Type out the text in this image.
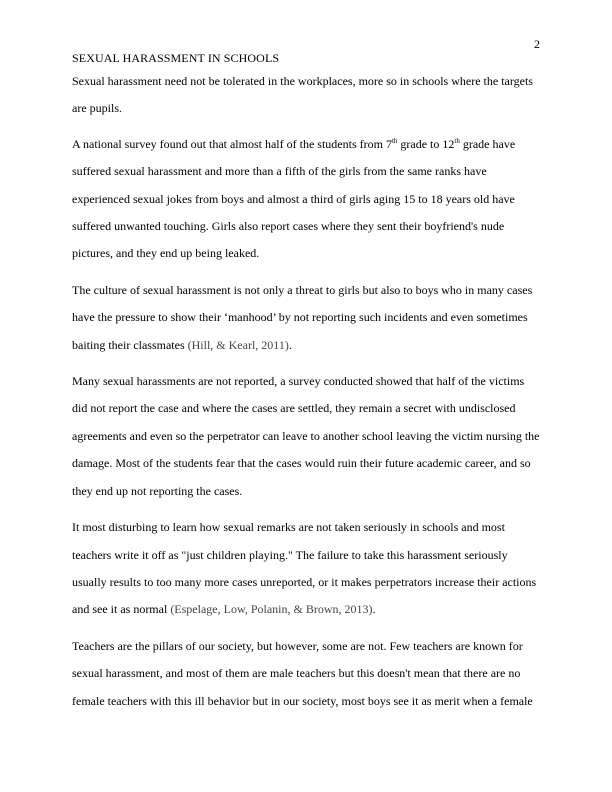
2
SEXUAL HARASSMENT IN SCHOOLS

Sexual harassment need not be tolerated in the workplaces, more so in schools where the targets are pupils.

A national survey found out that almost half of the students from 7th grade to 12th grade have suffered sexual harassment and more than a fifth of the girls from the same ranks have experienced sexual jokes from boys and almost a third of girls aging 15 to 18 years old have suffered unwanted touching. Girls also report cases where they sent their boyfriend's nude pictures, and they end up being leaked.

The culture of sexual harassment is not only a threat to girls but also to boys who in many cases have the pressure to show their ‘manhood’ by not reporting such incidents and even sometimes baiting their classmates (Hill, & Kearl, 2011).

Many sexual harassments are not reported, a survey conducted showed that half of the victims did not report the case and where the cases are settled, they remain a secret with undisclosed agreements and even so the perpetrator can leave to another school leaving the victim nursing the damage. Most of the students fear that the cases would ruin their future academic career, and so they end up not reporting the cases.

It most disturbing to learn how sexual remarks are not taken seriously in schools and most teachers write it off as "just children playing." The failure to take this harassment seriously usually results to too many more cases unreported, or it makes perpetrators increase their actions and see it as normal (Espelage, Low, Polanin, & Brown, 2013).

Teachers are the pillars of our society, but however, some are not. Few teachers are known for sexual harassment, and most of them are male teachers but this doesn't mean that there are no female teachers with this ill behavior but in our society, most boys see it as merit when a female
